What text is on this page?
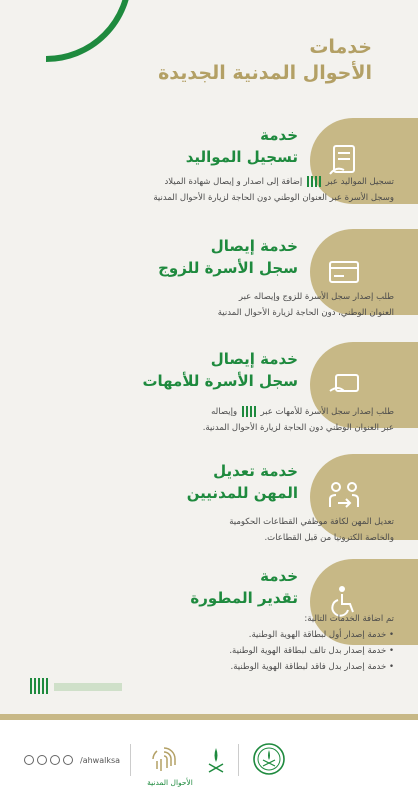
خدمات
الأحوال المدنية الجديدة
خدمة
تسجيل المواليد
تسجيل المواليد عبر  إضافة إلى اصدار و إيصال شهادة الميلاد
وسجل الأسرة عبر العنوان الوطني دون الحاجة لزيارة الأحوال المدنية
خدمة إيصال
سجل الأسرة للزوج
طلب إصدار سجل الأسرة للزوج وإيصاله عبر
العنوان الوطني، دون الحاجة لزيارة الأحوال المدنية
خدمة إيصال
سجل الأسرة للأمهات
طلب إصدار سجل الأسرة للأمهات عبر  وإيصاله
عبر العنوان الوطني دون الحاجة لزيارة الأحوال المدنية.
خدمة تعديل
المهن للمدنيين
تعديل المهن لكافة موظفي القطاعات الحكومية
والخاصة الكترونيا من قبل القطاعات.
خدمة
تقدير المطورة
تم اضافة الخدمات التالية:
• خدمة إصدار أول لبطاقة الهوية الوطنية.
• خدمة إصدار بدل تالف لبطاقة الهوية الوطنية.
• خدمة إصدار بدل فاقد لبطاقة الهوية الوطنية.
/ahwalksa
الأحوال المدنية
